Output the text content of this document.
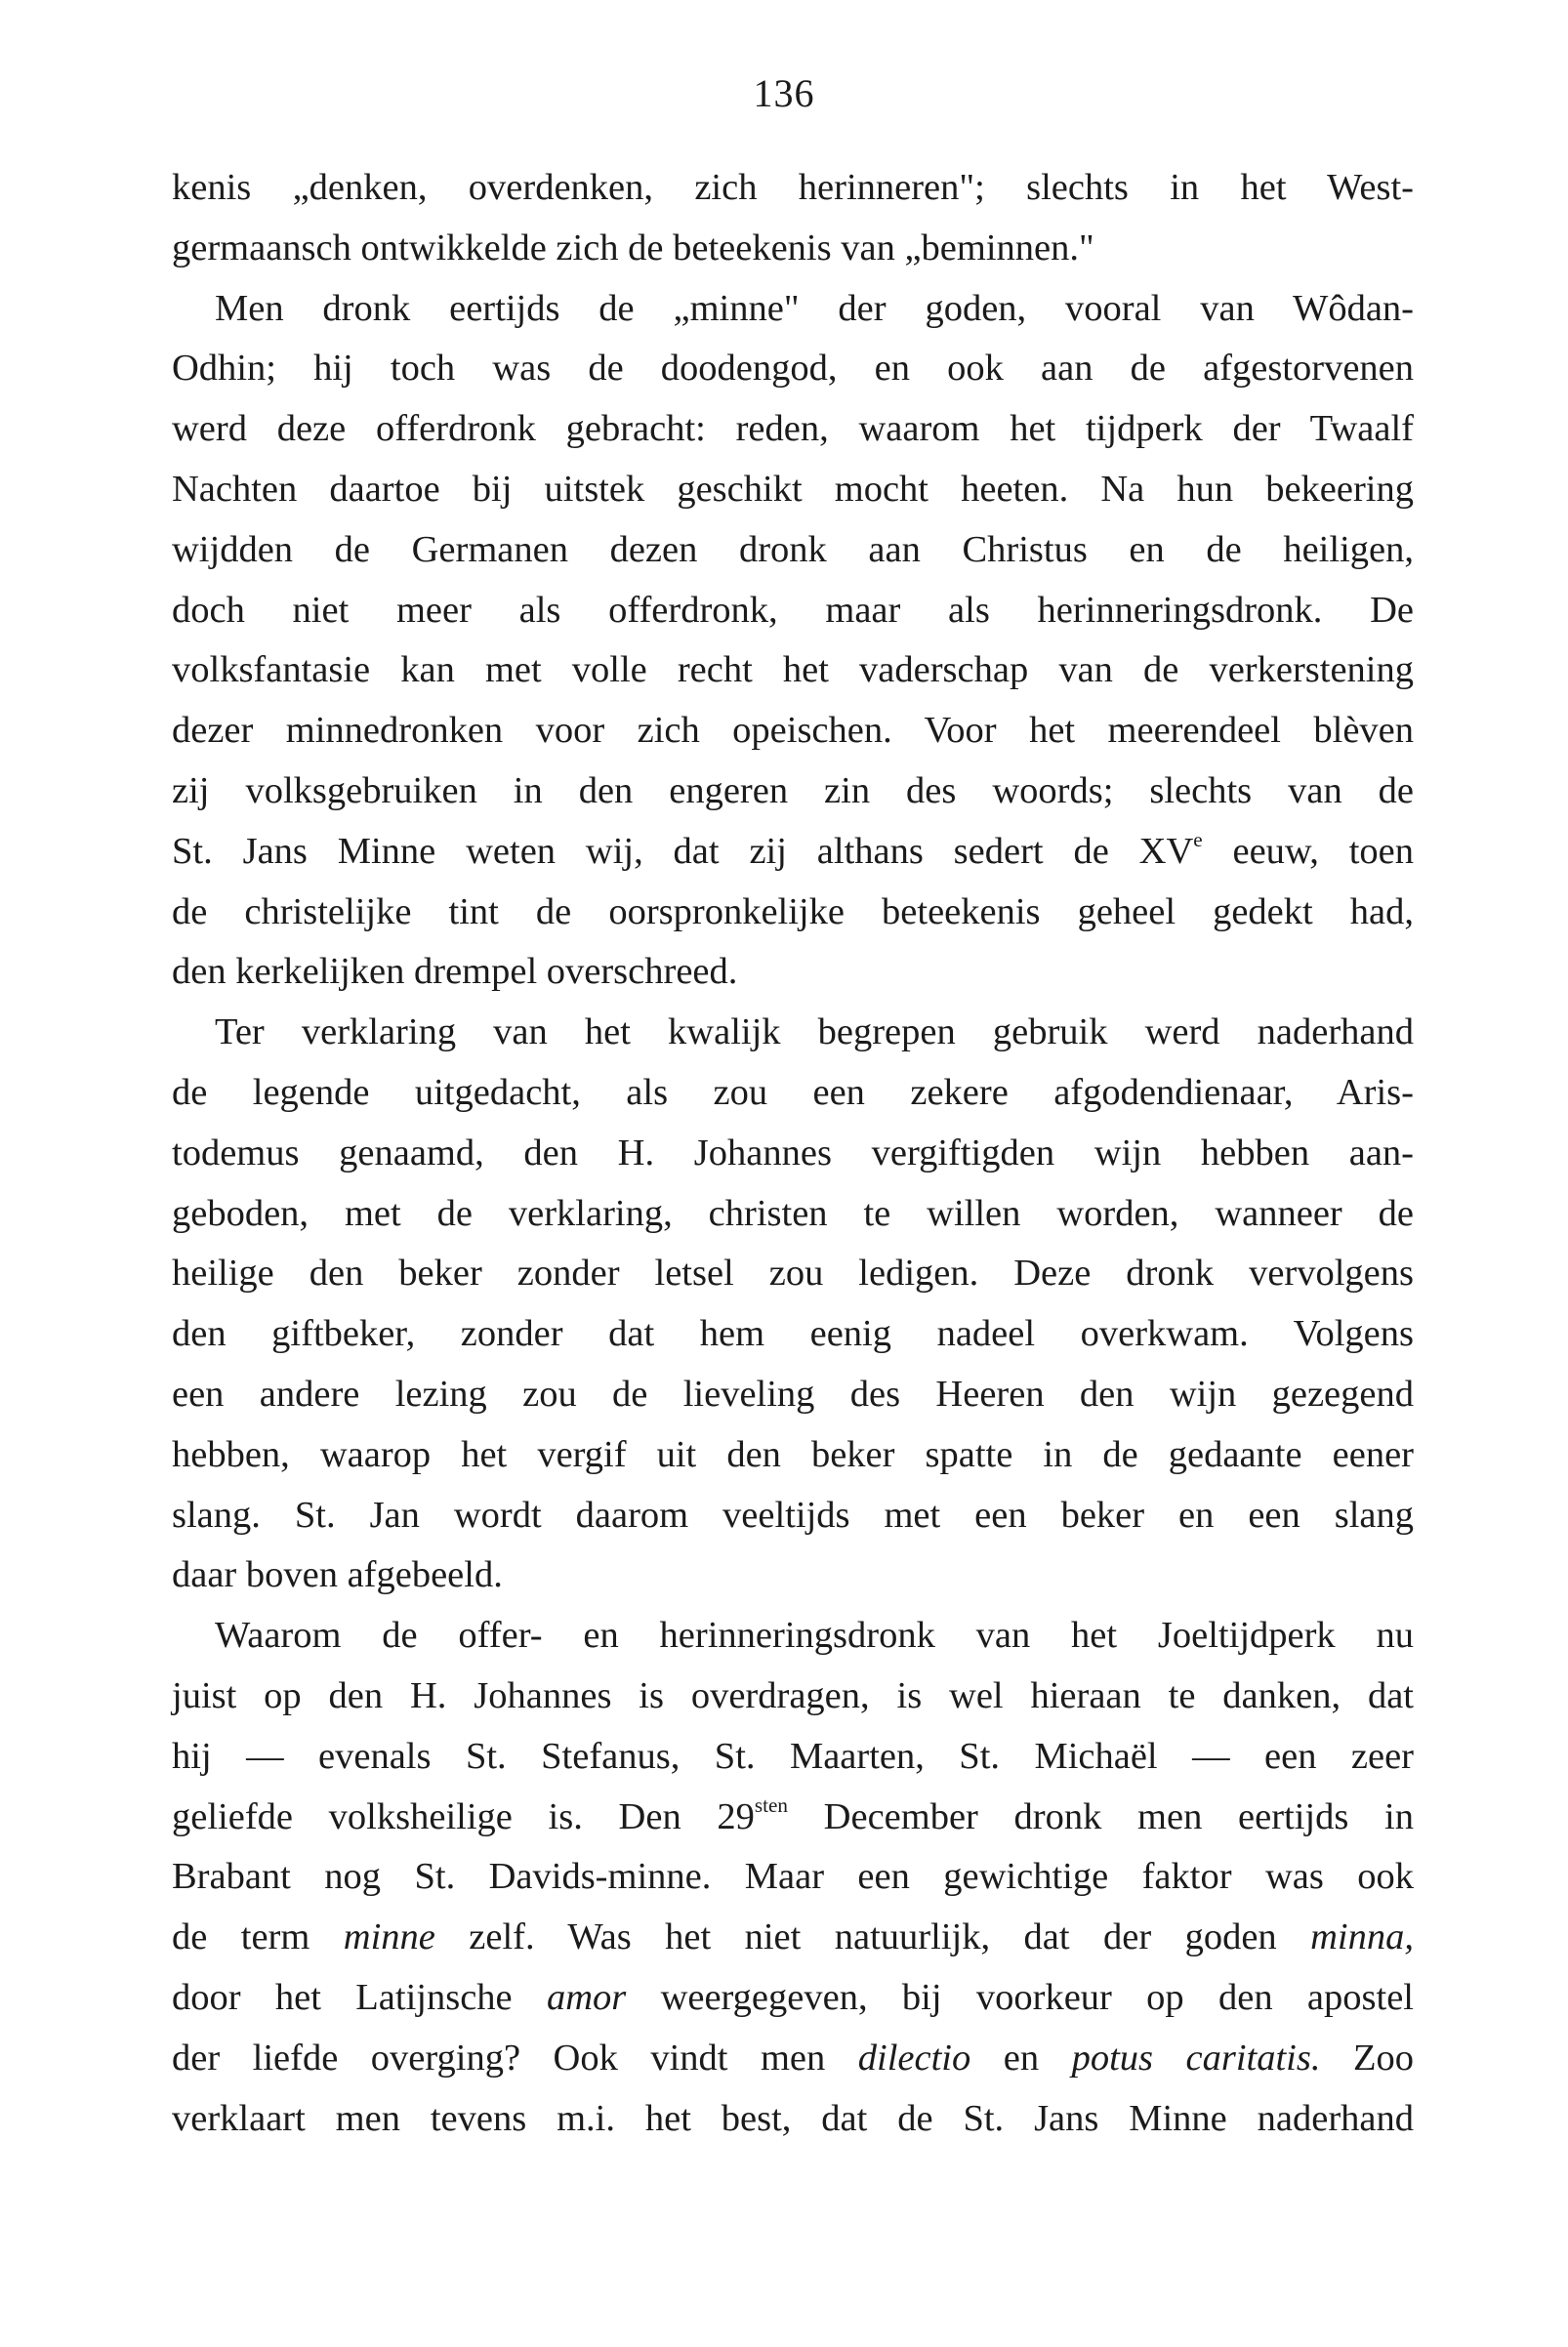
136
kenis „denken, overdenken, zich herinneren"; slechts in het West-
germaansch ontwikkelde zich de beteekenis van „beminnen."
Men dronk eertijds de „minne" der goden, vooral van Wôdan-
Odhin; hij toch was de doodengod, en ook aan de afgestorvenen
werd deze offerdronk gebracht: reden, waarom het tijdperk der Twaalf
Nachten daartoe bij uitstek geschikt mocht heeten. Na hun bekeering
wijdden de Germanen dezen dronk aan Christus en de heiligen,
doch niet meer als offerdronk, maar als herinneringsdronk. De
volksfantasie kan met volle recht het vaderschap van de verkerstening
dezer minnedronken voor zich opeischen. Voor het meerendeel blèven
zij volksgebruiken in den engeren zin des woords; slechts van de
St. Jans Minne weten wij, dat zij althans sedert de XVe eeuw, toen
de christelijke tint de oorspronkelijke beteekenis geheel gedekt had,
den kerkelijken drempel overschreed.
Ter verklaring van het kwalijk begrepen gebruik werd naderhand
de legende uitgedacht, als zou een zekere afgodendienaar, Aris-
todemus genaamd, den H. Johannes vergiftigden wijn hebben aan-
geboden, met de verklaring, christen te willen worden, wanneer de
heilige den beker zonder letsel zou ledigen. Deze dronk vervolgens
den giftbeker, zonder dat hem eenig nadeel overkwam. Volgens
een andere lezing zou de lieveling des Heeren den wijn gezegend
hebben, waarop het vergif uit den beker spatte in de gedaante eener
slang. St. Jan wordt daarom veeltijds met een beker en een slang
daar boven afgebeeld.
Waarom de offer- en herinneringsdronk van het Joeltijdperk nu
juist op den H. Johannes is overdragen, is wel hieraan te danken, dat
hij — evenals St. Stefanus, St. Maarten, St. Michaël — een zeer
geliefde volksheilige is. Den $29^{sten}$ December dronk men eertijds in
Brabant nog St. Davids-minne. Maar een gewichtige faktor was ook
de term minne zelf. Was het niet natuurlijk, dat der goden minna,
door het Latijnsche amor weergegeven, bij voorkeur op den apostel
der liefde overging? Ook vindt men dilectio en potus caritatis. Zoo
verklaart men tevens m.i. het best, dat de St. Jans Minne naderhand
